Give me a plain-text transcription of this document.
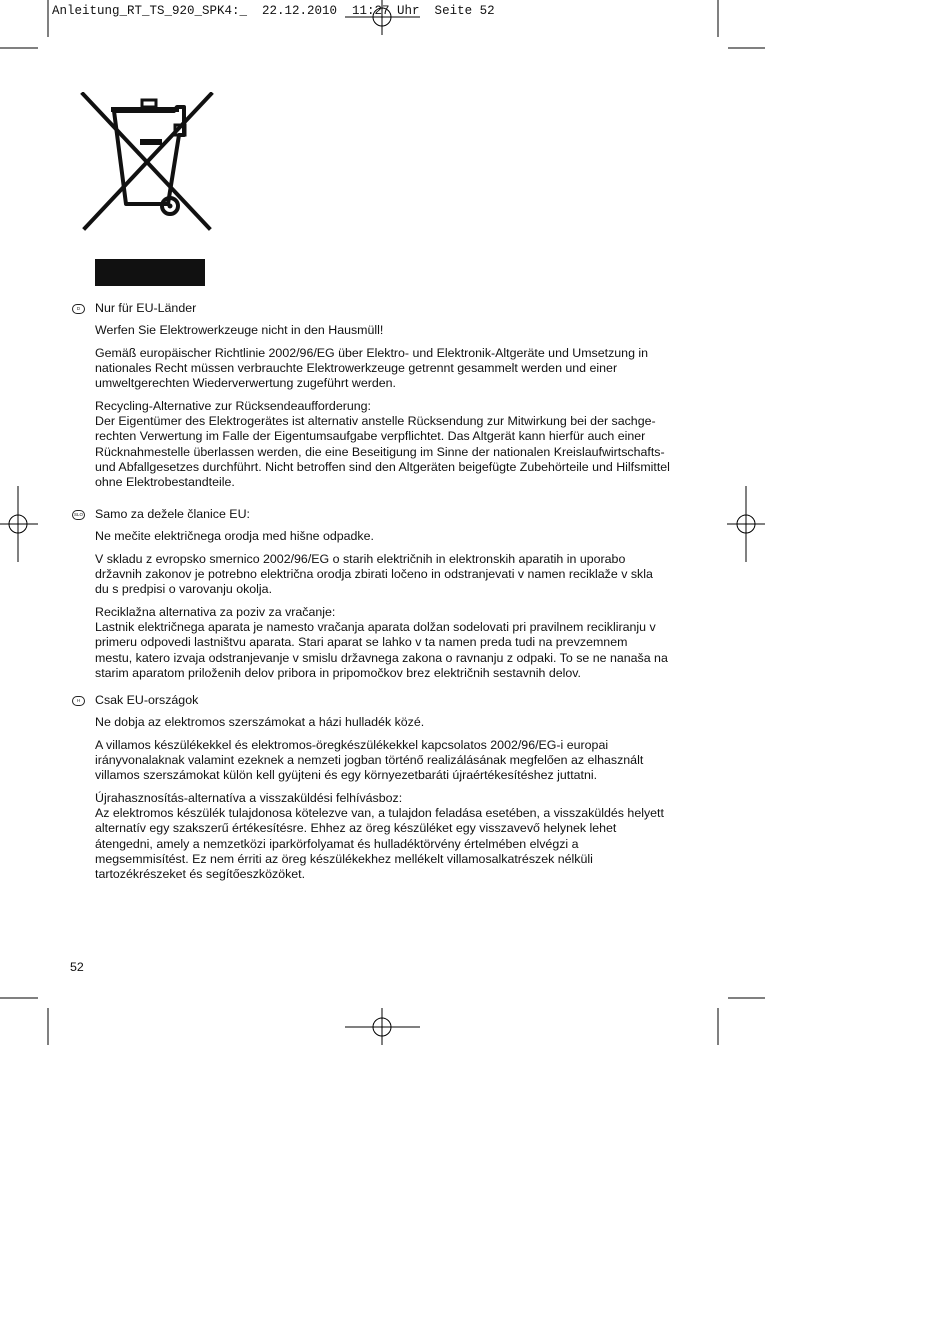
Anleitung_RT_TS_920_SPK4:_  22.12.2010  11:27 Uhr  Seite 52
D	Nur für EU-Länder

Werfen Sie Elektrowerkzeuge nicht in den Hausmüll!

Gemäß europäischer Richtlinie 2002/96/EG über Elektro- und Elektronik-Altgeräte und Umsetzung in
nationales Recht müssen verbrauchte Elektrowerkzeuge getrennt gesammelt werden und einer
umweltgerechten Wiederverwertung zugeführt werden.

Recycling-Alternative zur Rücksendeaufforderung:
Der Eigentümer des Elektrogerätes ist alternativ anstelle Rücksendung zur Mitwirkung bei der sachge-
rechten Verwertung im Falle der Eigentumsaufgabe verpflichtet. Das Altgerät kann hierfür auch einer
Rücknahmestelle überlassen werden, die eine Beseitigung im Sinne der nationalen Kreislaufwirtschafts-
und Abfallgesetzes durchführt. Nicht betroffen sind den Altgeräten beigefügte Zubehörteile und Hilfsmittel
ohne Elektrobestandteile.

SLO Samo za dežele članice EU:

Ne mečite električnega orodja med hišne odpadke.

V skladu z evropsko smernico 2002/96/EG o starih električnih in elektronskih aparatih in uporabo
državnih zakonov je potrebno električna orodja zbirati ločeno in odstranjevati v namen reciklaže v skla
du s predpisi o varovanju okolja.

Reciklažna alternativa za poziv za vračanje:
Lastnik električnega aparata je namesto vračanja aparata dolžan sodelovati pri pravilnem recikliranju v
primeru odpovedi lastništvu aparata. Stari aparat se lahko v ta namen preda tudi na prevzemnem
mestu, katero izvaja odstranjevanje v smislu državnega zakona o ravnanju z odpaki. To se ne nanaša na
starim aparatom priloženih delov pribora in pripomočkov brez električnih sestavnih delov.

H	Csak EU-országok

Ne dobja az elektromos szerszámokat a házi hulladék közé.

A villamos készülékekkel és elektromos-öregkészülékekkel kapcsolatos 2002/96/EG-i europai
irányvonalaknak valamint ezeknek a nemzeti jogban történő realizálásának megfelően az elhasznált
villamos szerszámokat külön kell gyüjteni és egy környezetbaráti újraértékesítéshez juttatni.

Újrahasznosítás-alternatíva a visszaküldési felhívásboz:
Az elektromos készülék tulajdonosa kötelezve van, a tulajdon feladása esetében, a visszaküldés helyett
alternatív egy szakszerű értékesítésre. Ehhez az öreg készüléket egy visszavevő helynek lehet
átengedni, amely a nemzetközi iparkörfolyamat és hulladéktörvény értelmében elvégzi a
megsemmisítést. Ez nem érriti az öreg készülékekhez mellékelt villamosalkatrészek nélküli
tartozékrészeket és segítőeszközöket.

52
